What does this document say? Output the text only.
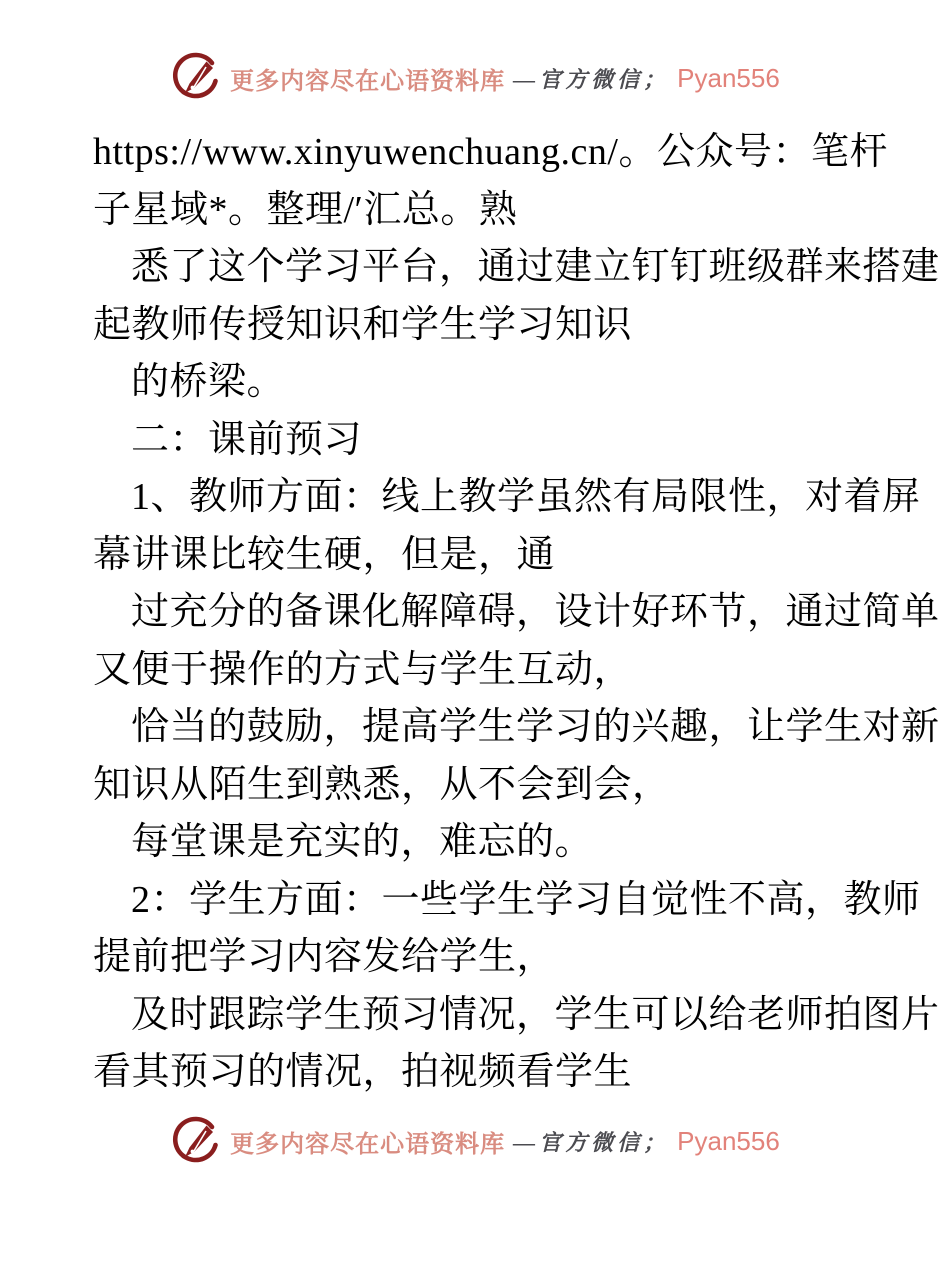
更多内容尽在心语资料库 —官方微信； Pyan556
https://www.xinyuwenchuang.cn/。公众号：笔杆
子星域*。整理/′汇总。熟
悉了这个学习平台，通过建立钉钉班级群来搭建
起教师传授知识和学生学习知识
的桥梁。
二：课前预习
1、教师方面：线上教学虽然有局限性，对着屏
幕讲课比较生硬，但是，通
过充分的备课化解障碍，设计好环节，通过简单
又便于操作的方式与学生互动，
恰当的鼓励，提高学生学习的兴趣，让学生对新
知识从陌生到熟悉，从不会到会，
每堂课是充实的，难忘的。
2：学生方面：一些学生学习自觉性不高，教师
提前把学习内容发给学生，
及时跟踪学生预习情况，学生可以给老师拍图片
看其预习的情况，拍视频看学生
更多内容尽在心语资料库 —官方微信； Pyan556
